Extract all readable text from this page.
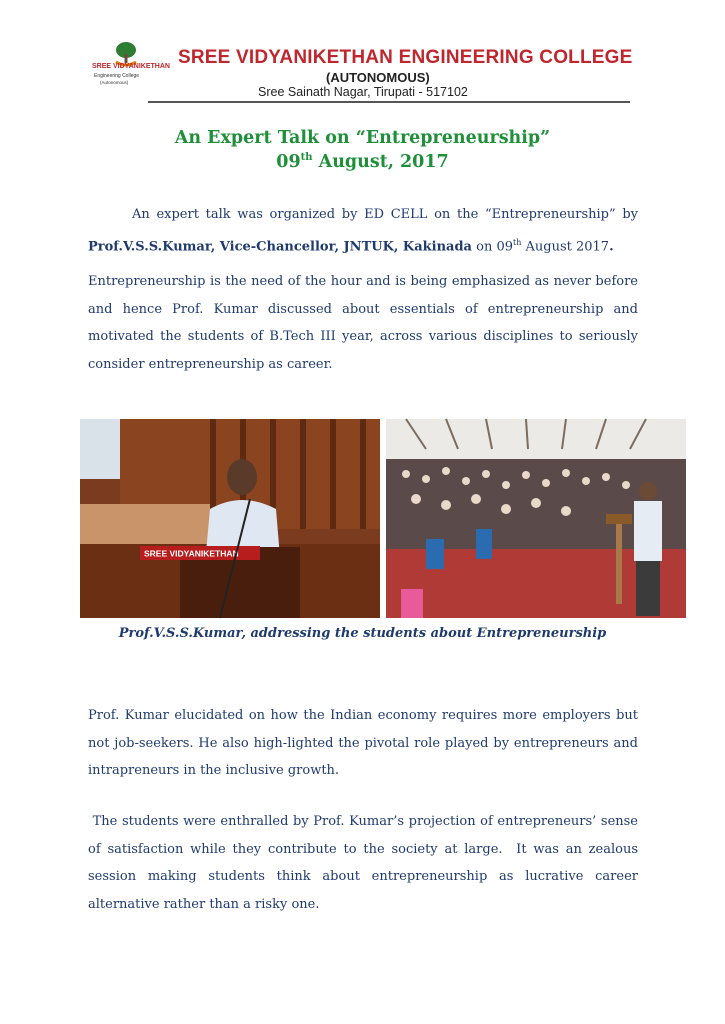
SREE VIDYANIKETHAN
Engineering College
(Autonomous)
SREE VIDYANIKETHAN ENGINEERING COLLEGE
(AUTONOMOUS)
Sree Sainath Nagar, Tirupati - 517102
An Expert Talk on “Entrepreneurship”
09th August, 2017
An expert talk was organized by ED CELL on the “Entrepreneurship” by Prof.V.S.S.Kumar, Vice-Chancellor, JNTUK, Kakinada on 09th August 2017.
Entrepreneurship is the need of the hour and is being emphasized as never before and hence Prof. Kumar discussed about essentials of entrepreneurship and motivated the students of B.Tech III year, across various disciplines to seriously consider entrepreneurship as career.
SREE VIDYANIKETHAN
Prof.V.S.S.Kumar, addressing the students about Entrepreneurship
Prof. Kumar elucidated on how the Indian economy requires more employers but not job-seekers. He also high-lighted the pivotal role played by entrepreneurs and intrapreneurs in the inclusive growth.
The students were enthralled by Prof. Kumar’s projection of entrepreneurs’ sense of satisfaction while they contribute to the society at large.  It was an zealous session making students think about entrepreneurship as lucrative career alternative rather than a risky one.
